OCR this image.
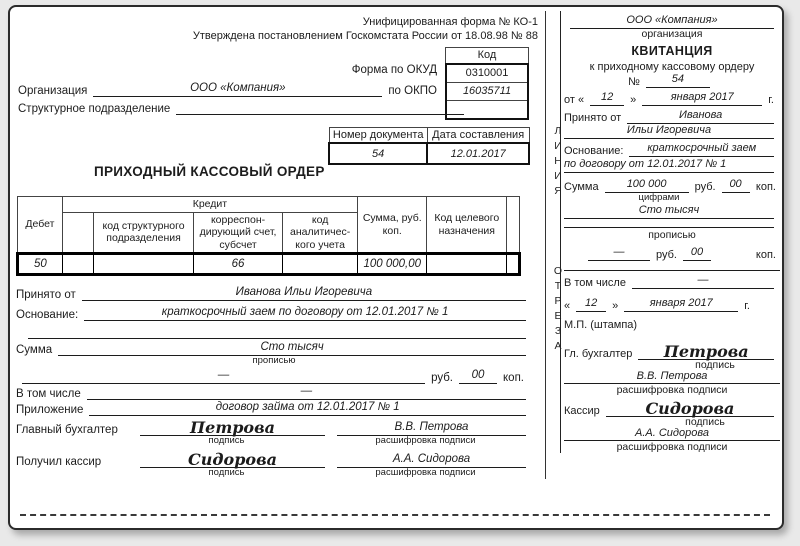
Унифицированная форма № КО-1
Утверждена постановлением Госкомстата России от 18.08.98 № 88
Код
0310001
16035711
Форма по ОКУД
Организация	ООО «Компания»	по ОКПО
Структурное подразделение
ПРИХОДНЫЙ КАССОВЫЙ ОРДЕР
Номер документа	Дата составления
54	12.01.2017
Дебет	Кредит				Сумма, руб. коп.	Код целевого назначения	
		код структурного подразделения	корреспон-дирующий счет, субсчет	код аналитичес-кого учета			
50			66		100 000,00		
Принято от	Иванова Ильи Игоревича
Основание:	краткосрочный заем по договору от 12.01.2017 № 1
Сумма	Сто тысяч
прописью
—	руб.	00	коп.
В том числе	—
Приложение	договор займа от 12.01.2017 № 1
Главный бухгалтер	Петрова	В.В. Петрова
подпись	расшифровка подписи
Получил кассир	Сидорова	А.А. Сидорова
подпись	расшифровка подписи
ЛИНИЯ
ОТРЕЗА
ООО «Компания»
организация
КВИТАНЦИЯ
к приходному кассовому ордеру
№	54
от «	12	»	января 2017	г.
Принято от	Иванова
Ильи Игоревича
Основание:	краткосрочный заем
по договору от 12.01.2017 № 1
Сумма	100 000	руб.	00	коп.
цифрами
Сто тысяч
прописью
—	руб.	00	коп.
В том числе	—
«	12	»	января 2017	г.
М.П. (штампа)
Гл. бухгалтер	Петрова
подпись
В.В. Петрова
расшифровка подписи
Кассир	Сидорова
подпись
А.А. Сидорова
расшифровка подписи
